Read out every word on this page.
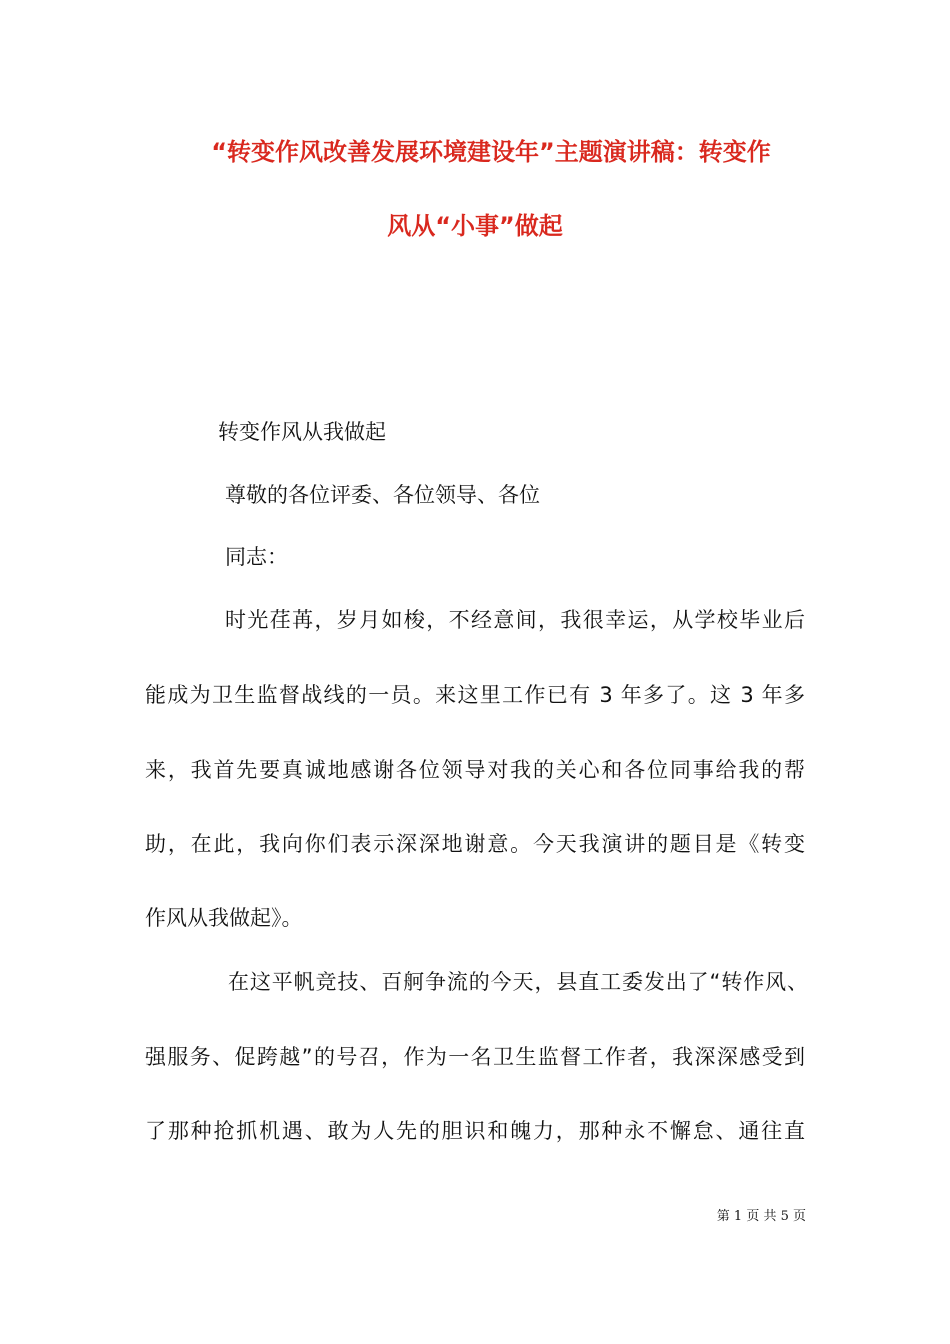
“转变作风改善发展环境建设年”主题演讲稿：转变作
风从“小事”做起
转变作风从我做起
尊敬的各位评委、各位领导、各位
同志：
时光荏苒，岁月如梭，不经意间，我很幸运，从学校毕业后
能成为卫生监督战线的一员。来这里工作已有 3 年多了。这 3 年多
来，我首先要真诚地感谢各位领导对我的关心和各位同事给我的帮
助，在此，我向你们表示深深地谢意。今天我演讲的题目是《转变
作风从我做起》。
在这平帆竞技、百舸争流的今天，县直工委发出了“转作风、
强服务、促跨越”的号召，作为一名卫生监督工作者，我深深感受到
了那种抢抓机遇、敢为人先的胆识和魄力，那种永不懈怠、通往直
第 1 页 共 5 页
